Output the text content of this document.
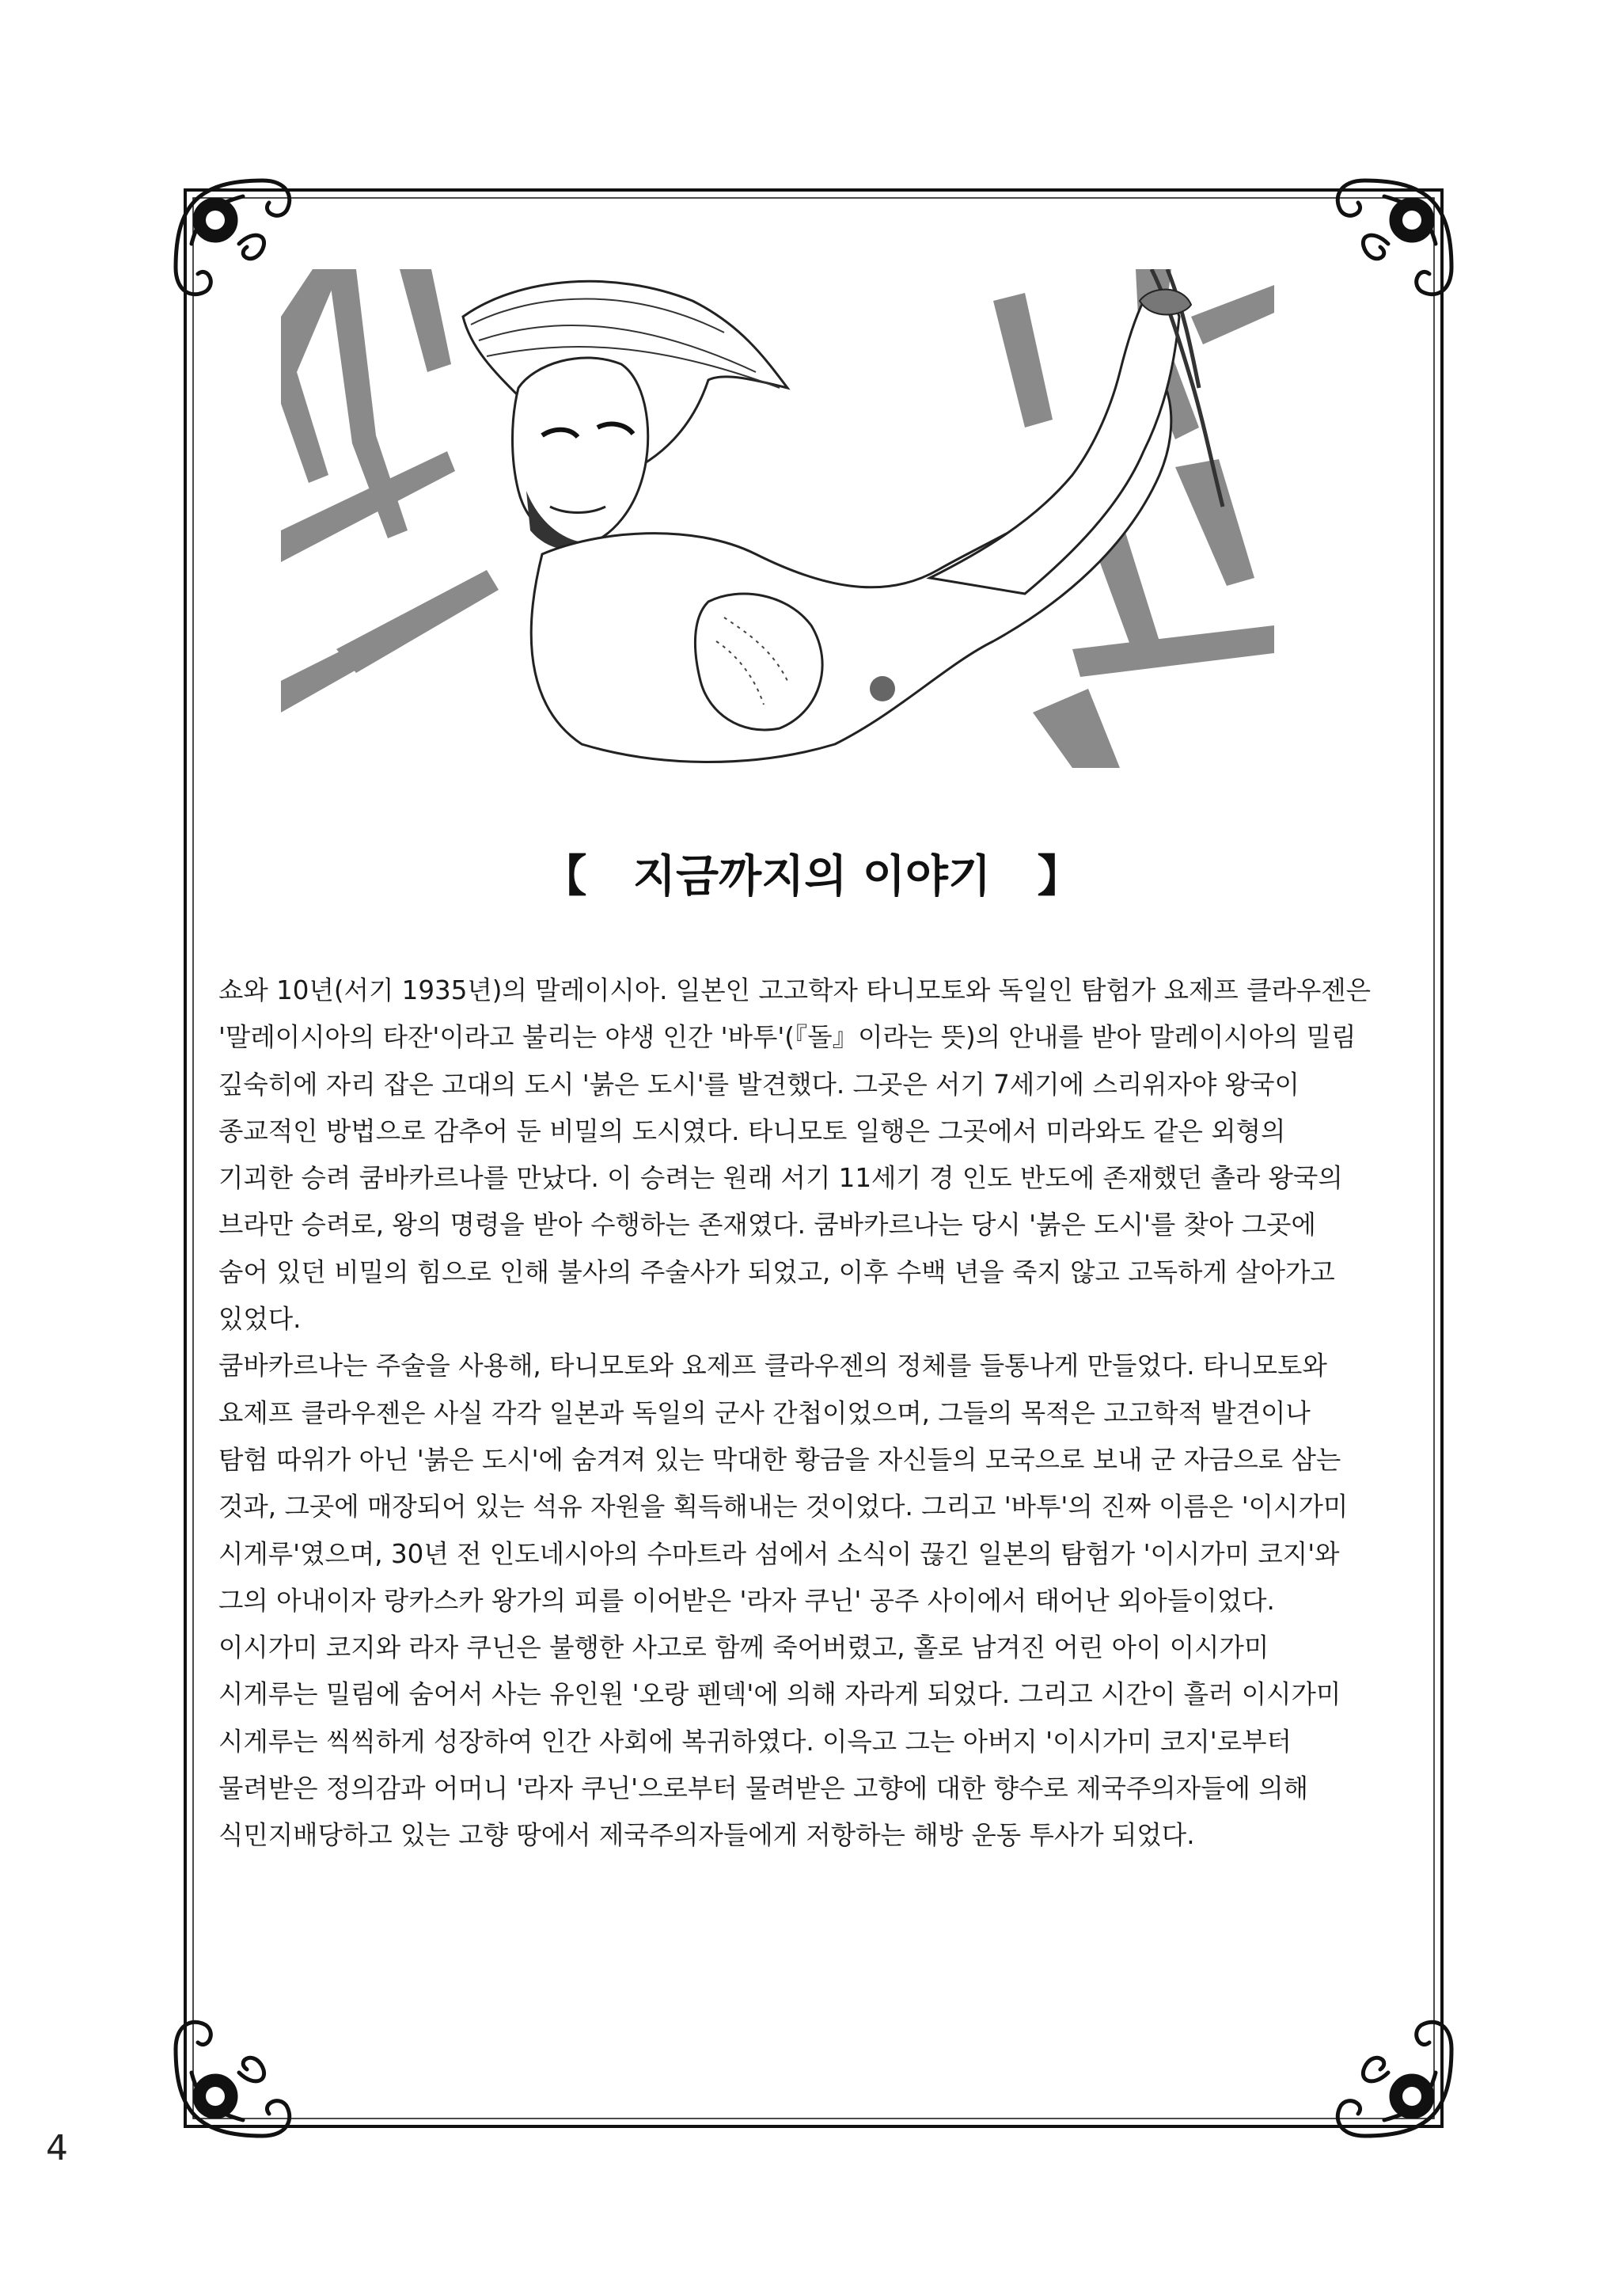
【 지금까지의 이야기 】
쇼와 10년(서기 1935년)의 말레이시아. 일본인 고고학자 타니모토와 독일인 탐험가 요제프 클라우젠은
'말레이시아의 타잔'이라고 불리는 야생 인간 '바투'(『돌』이라는 뜻)의 안내를 받아 말레이시아의 밀림
깊숙히에 자리 잡은 고대의 도시 '붉은 도시'를 발견했다. 그곳은 서기 7세기에 스리위자야 왕국이
종교적인 방법으로 감추어 둔 비밀의 도시였다. 타니모토 일행은 그곳에서 미라와도 같은 외형의
기괴한 승려 쿰바카르나를 만났다. 이 승려는 원래 서기 11세기 경 인도 반도에 존재했던 촐라 왕국의
브라만 승려로, 왕의 명령을 받아 수행하는 존재였다. 쿰바카르나는 당시 '붉은 도시'를 찾아 그곳에
숨어 있던 비밀의 힘으로 인해 불사의 주술사가 되었고, 이후 수백 년을 죽지 않고 고독하게 살아가고
있었다.
쿰바카르나는 주술을 사용해, 타니모토와 요제프 클라우젠의 정체를 들통나게 만들었다. 타니모토와
요제프 클라우젠은 사실 각각 일본과 독일의 군사 간첩이었으며, 그들의 목적은 고고학적 발견이나
탐험 따위가 아닌 '붉은 도시'에 숨겨져 있는 막대한 황금을 자신들의 모국으로 보내 군 자금으로 삼는
것과, 그곳에 매장되어 있는 석유 자원을 획득해내는 것이었다. 그리고 '바투'의 진짜 이름은 '이시가미
시게루'였으며, 30년 전 인도네시아의 수마트라 섬에서 소식이 끊긴 일본의 탐험가 '이시가미 코지'와
그의 아내이자 랑카스카 왕가의 피를 이어받은 '라자 쿠닌' 공주 사이에서 태어난 외아들이었다.
이시가미 코지와 라자 쿠닌은 불행한 사고로 함께 죽어버렸고, 홀로 남겨진 어린 아이 이시가미
시게루는 밀림에 숨어서 사는 유인원 '오랑 펜덱'에 의해 자라게 되었다. 그리고 시간이 흘러 이시가미
시게루는 씩씩하게 성장하여 인간 사회에 복귀하였다. 이윽고 그는 아버지 '이시가미 코지'로부터
물려받은 정의감과 어머니 '라자 쿠닌'으로부터 물려받은 고향에 대한 향수로 제국주의자들에 의해
식민지배당하고 있는 고향 땅에서 제국주의자들에게 저항하는 해방 운동 투사가 되었다.
4
